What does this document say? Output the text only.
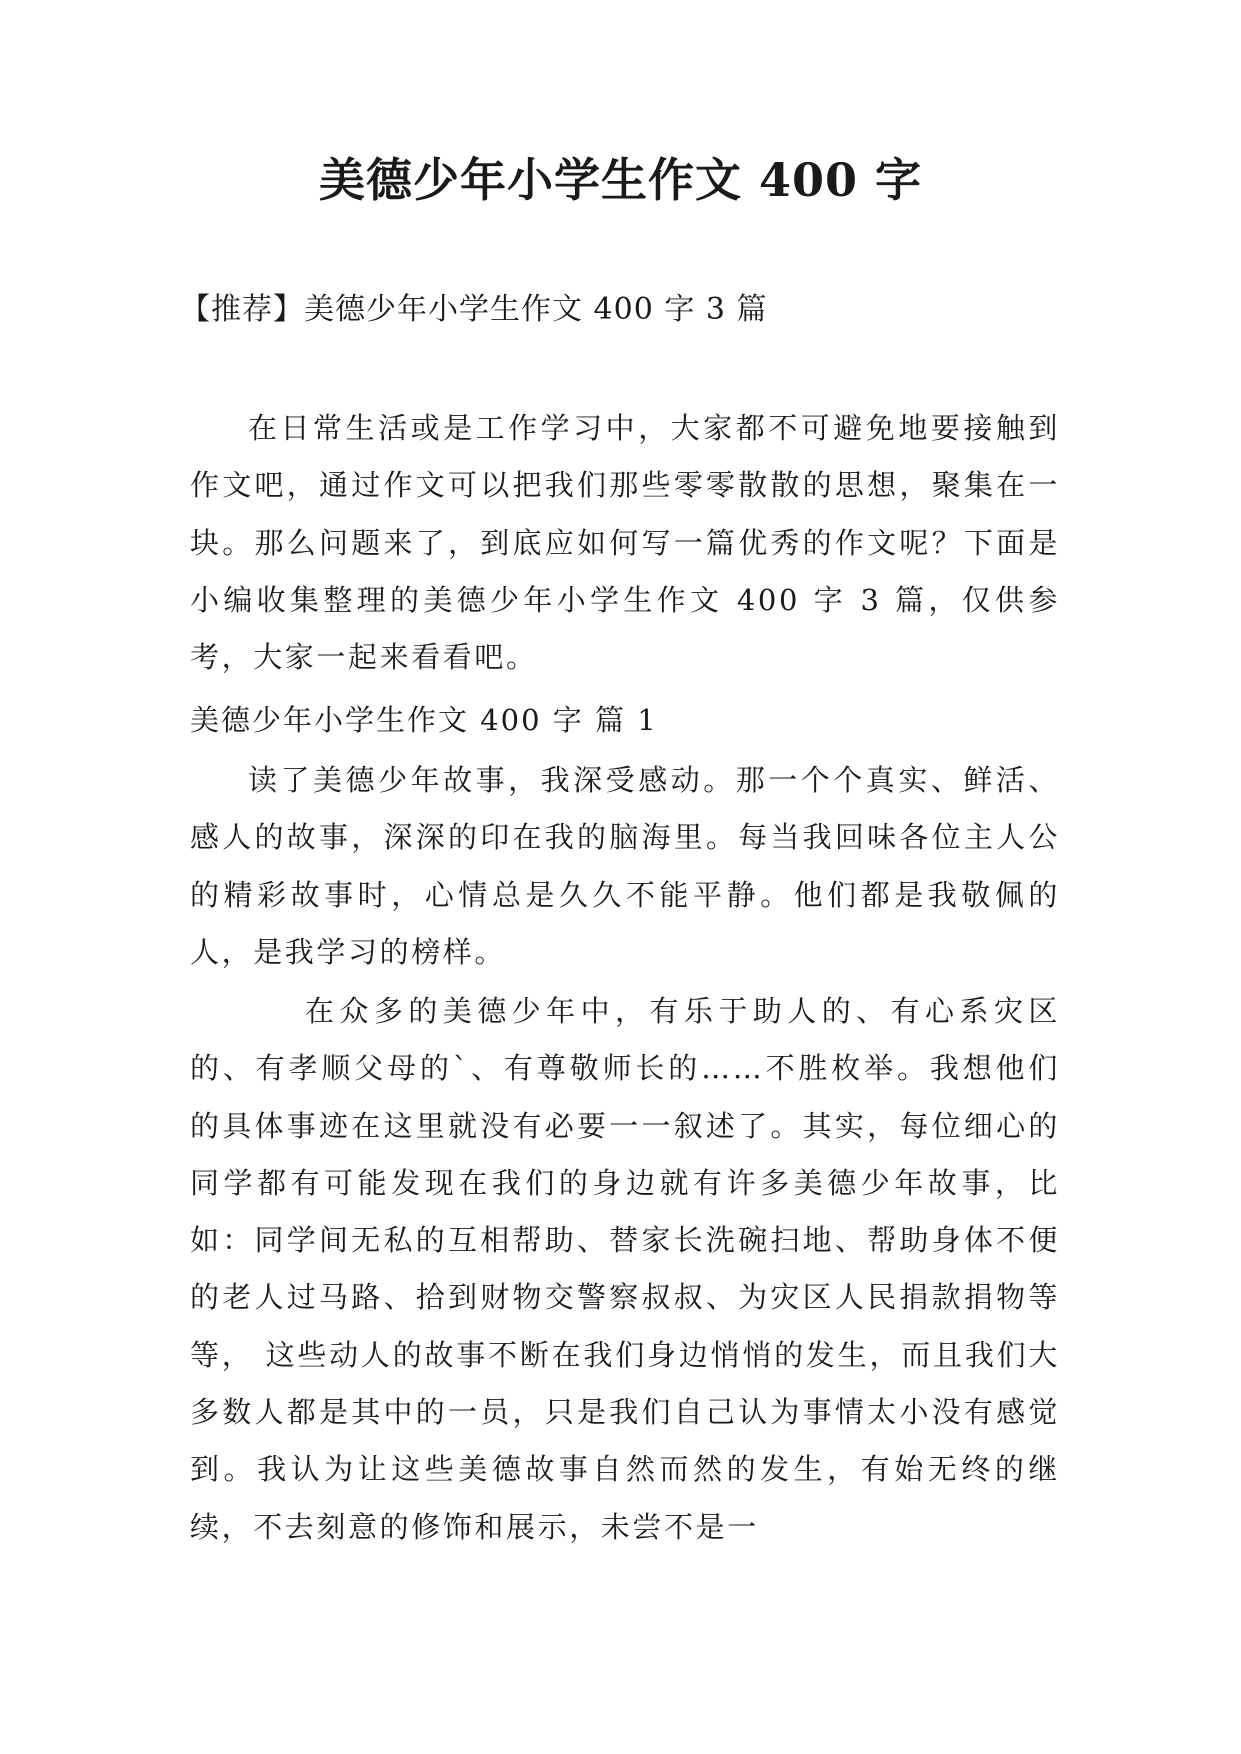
美德少年小学生作文 400 字
【推荐】美德少年小学生作文 400 字 3 篇
在日常生活或是工作学习中，大家都不可避免地要接触到作文吧，通过作文可以把我们那些零零散散的思想，聚集在一块。那么问题来了，到底应如何写一篇优秀的作文呢？下面是小编收集整理的美德少年小学生作文 400 字 3 篇，仅供参考，大家一起来看看吧。
美德少年小学生作文 400 字 篇 1
读了美德少年故事，我深受感动。那一个个真实、鲜活、感人的故事，深深的印在我的脑海里。每当我回味各位主人公的精彩故事时，心情总是久久不能平静。他们都是我敬佩的人，是我学习的榜样。
在众多的美德少年中，有乐于助人的、有心系灾区的、有孝顺父母的`、有尊敬师长的……不胜枚举。我想他们的具体事迹在这里就没有必要一一叙述了。其实，每位细心的同学都有可能发现在我们的身边就有许多美德少年故事，比如：同学间无私的互相帮助、替家长洗碗扫地、帮助身体不便的老人过马路、拾到财物交警察叔叔、为灾区人民捐款捐物等等， 这些动人的故事不断在我们身边悄悄的发生，而且我们大多数人都是其中的一员，只是我们自己认为事情太小没有感觉到。我认为让这些美德故事自然而然的发生，有始无终的继续，不去刻意的修饰和展示，未尝不是一
